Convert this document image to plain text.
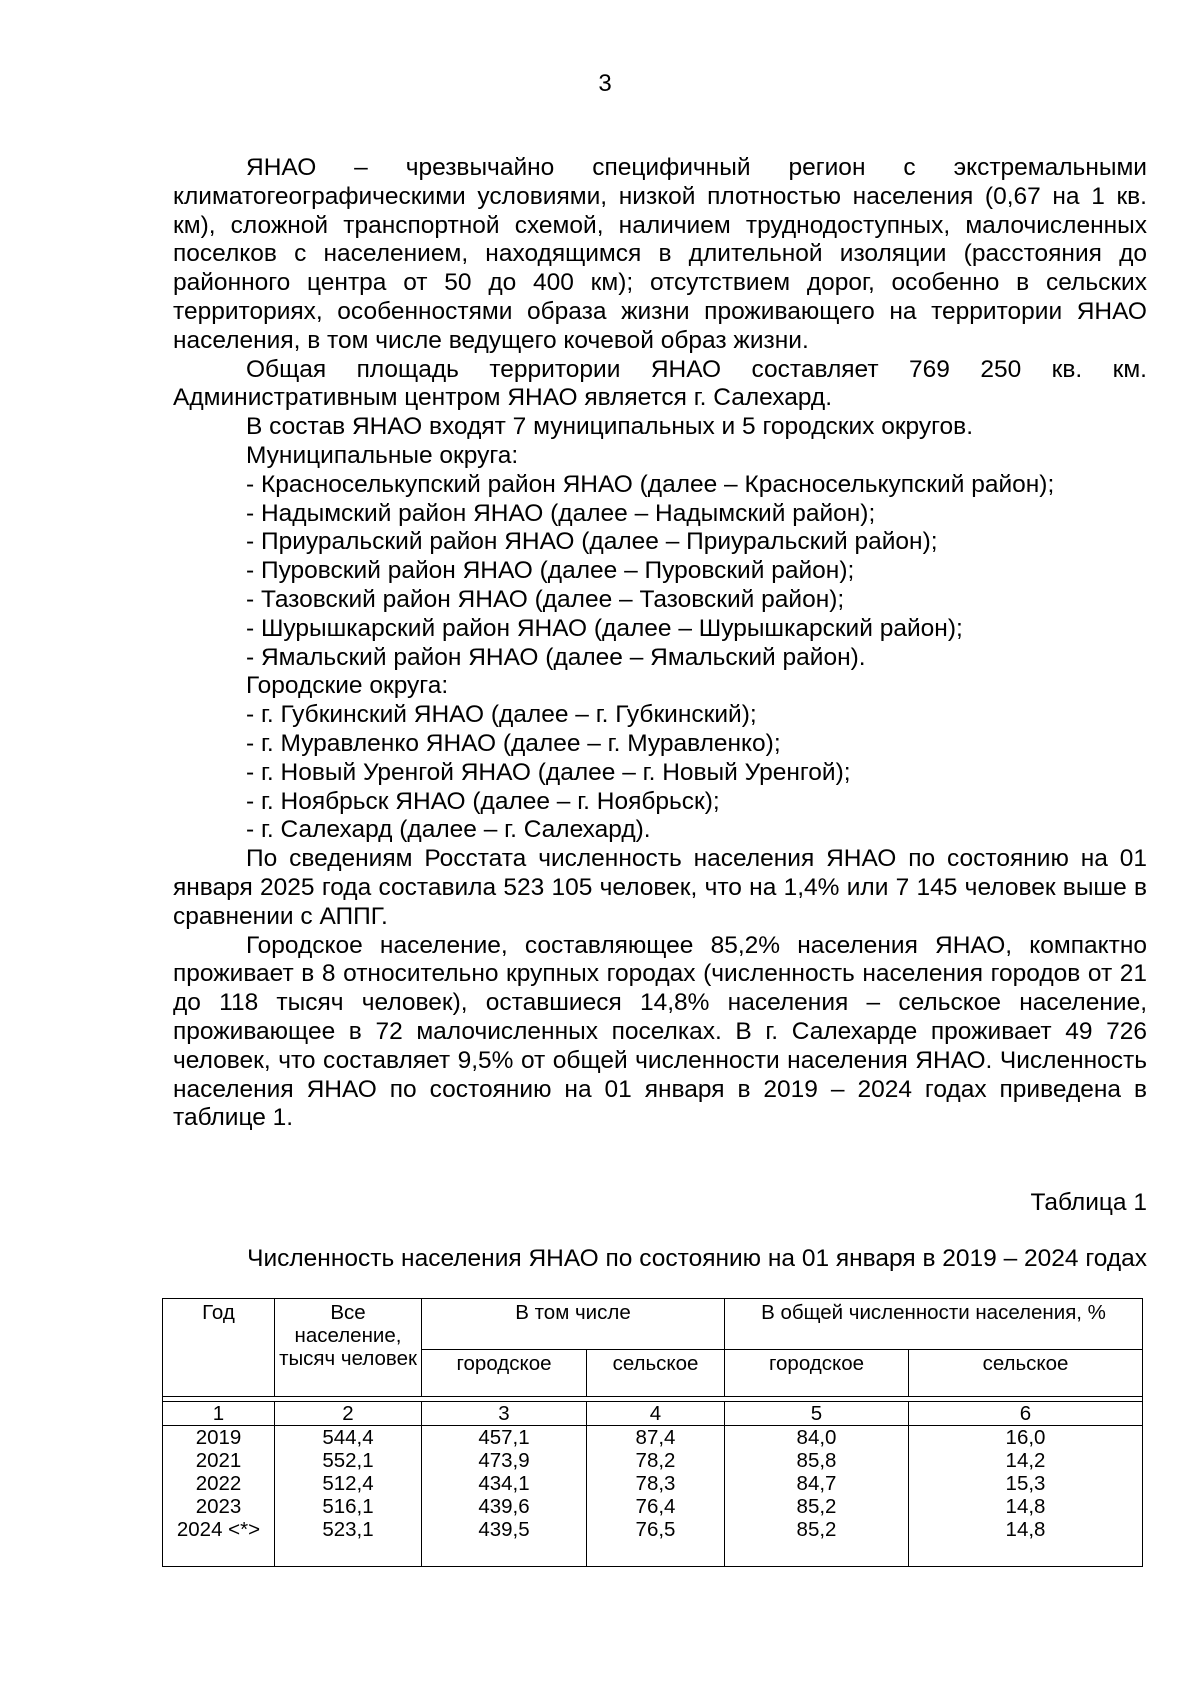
3

ЯНАО – чрезвычайно специфичный регион с экстремальными климатогеографическими условиями, низкой плотностью населения (0,67 на 1 кв. км), сложной транспортной схемой, наличием труднодоступных, малочисленных поселков с населением, находящимся в длительной изоляции (расстояния до районного центра от 50 до 400 км); отсутствием дорог, особенно в сельских территориях, особенностями образа жизни проживающего на территории ЯНАО населения, в том числе ведущего кочевой образ жизни.

Общая площадь территории ЯНАО составляет 769 250 кв. км. Административным центром ЯНАО является г. Салехард.

В состав ЯНАО входят 7 муниципальных и 5 городских округов.

Муниципальные округа:

- Красноселькупский район ЯНАО (далее – Красноселькупский район);

- Надымский район ЯНАО (далее – Надымский район);

- Приуральский район ЯНАО (далее – Приуральский район);

- Пуровский район ЯНАО (далее – Пуровский район);

- Тазовский район ЯНАО (далее – Тазовский район);

- Шурышкарский район ЯНАО (далее – Шурышкарский район);

- Ямальский район ЯНАО (далее – Ямальский район).

Городские округа:

- г. Губкинский ЯНАО (далее – г. Губкинский);

- г. Муравленко ЯНАО (далее – г. Муравленко);

- г. Новый Уренгой ЯНАО (далее – г. Новый Уренгой);

- г. Ноябрьск ЯНАО (далее – г. Ноябрьск);

- г. Салехард (далее – г. Салехард).

По сведениям Росстата численность населения ЯНАО по состоянию на 01 января 2025 года составила 523 105 человек, что на 1,4% или 7 145 человек выше в сравнении с АППГ.

Городское население, составляющее 85,2% населения ЯНАО, компактно проживает в 8 относительно крупных городах (численность населения городов от 21 до 118 тысяч человек), оставшиеся 14,8% населения – сельское население, проживающее в 72 малочисленных поселках. В г. Салехарде проживает 49 726 человек, что составляет 9,5% от общей численности населения ЯНАО. Численность населения ЯНАО по состоянию на 01 января в 2019 – 2024 годах приведена в таблице 1.

Таблица 1
Численность населения ЯНАО по состоянию на 01 января в 2019 – 2024 годах
Год	Все население, тысяч человек	В том числе		В общей численности населения, %	
		городское	сельское	городское	сельское

1	2	3	4	5	6
2019	544,4	457,1	87,4	84,0	16,0
2021	552,1	473,9	78,2	85,8	14,2
2022	512,4	434,1	78,3	84,7	15,3
2023	516,1	439,6	76,4	85,2	14,8
2024 <*>	523,1	439,5	76,5	85,2	14,8
